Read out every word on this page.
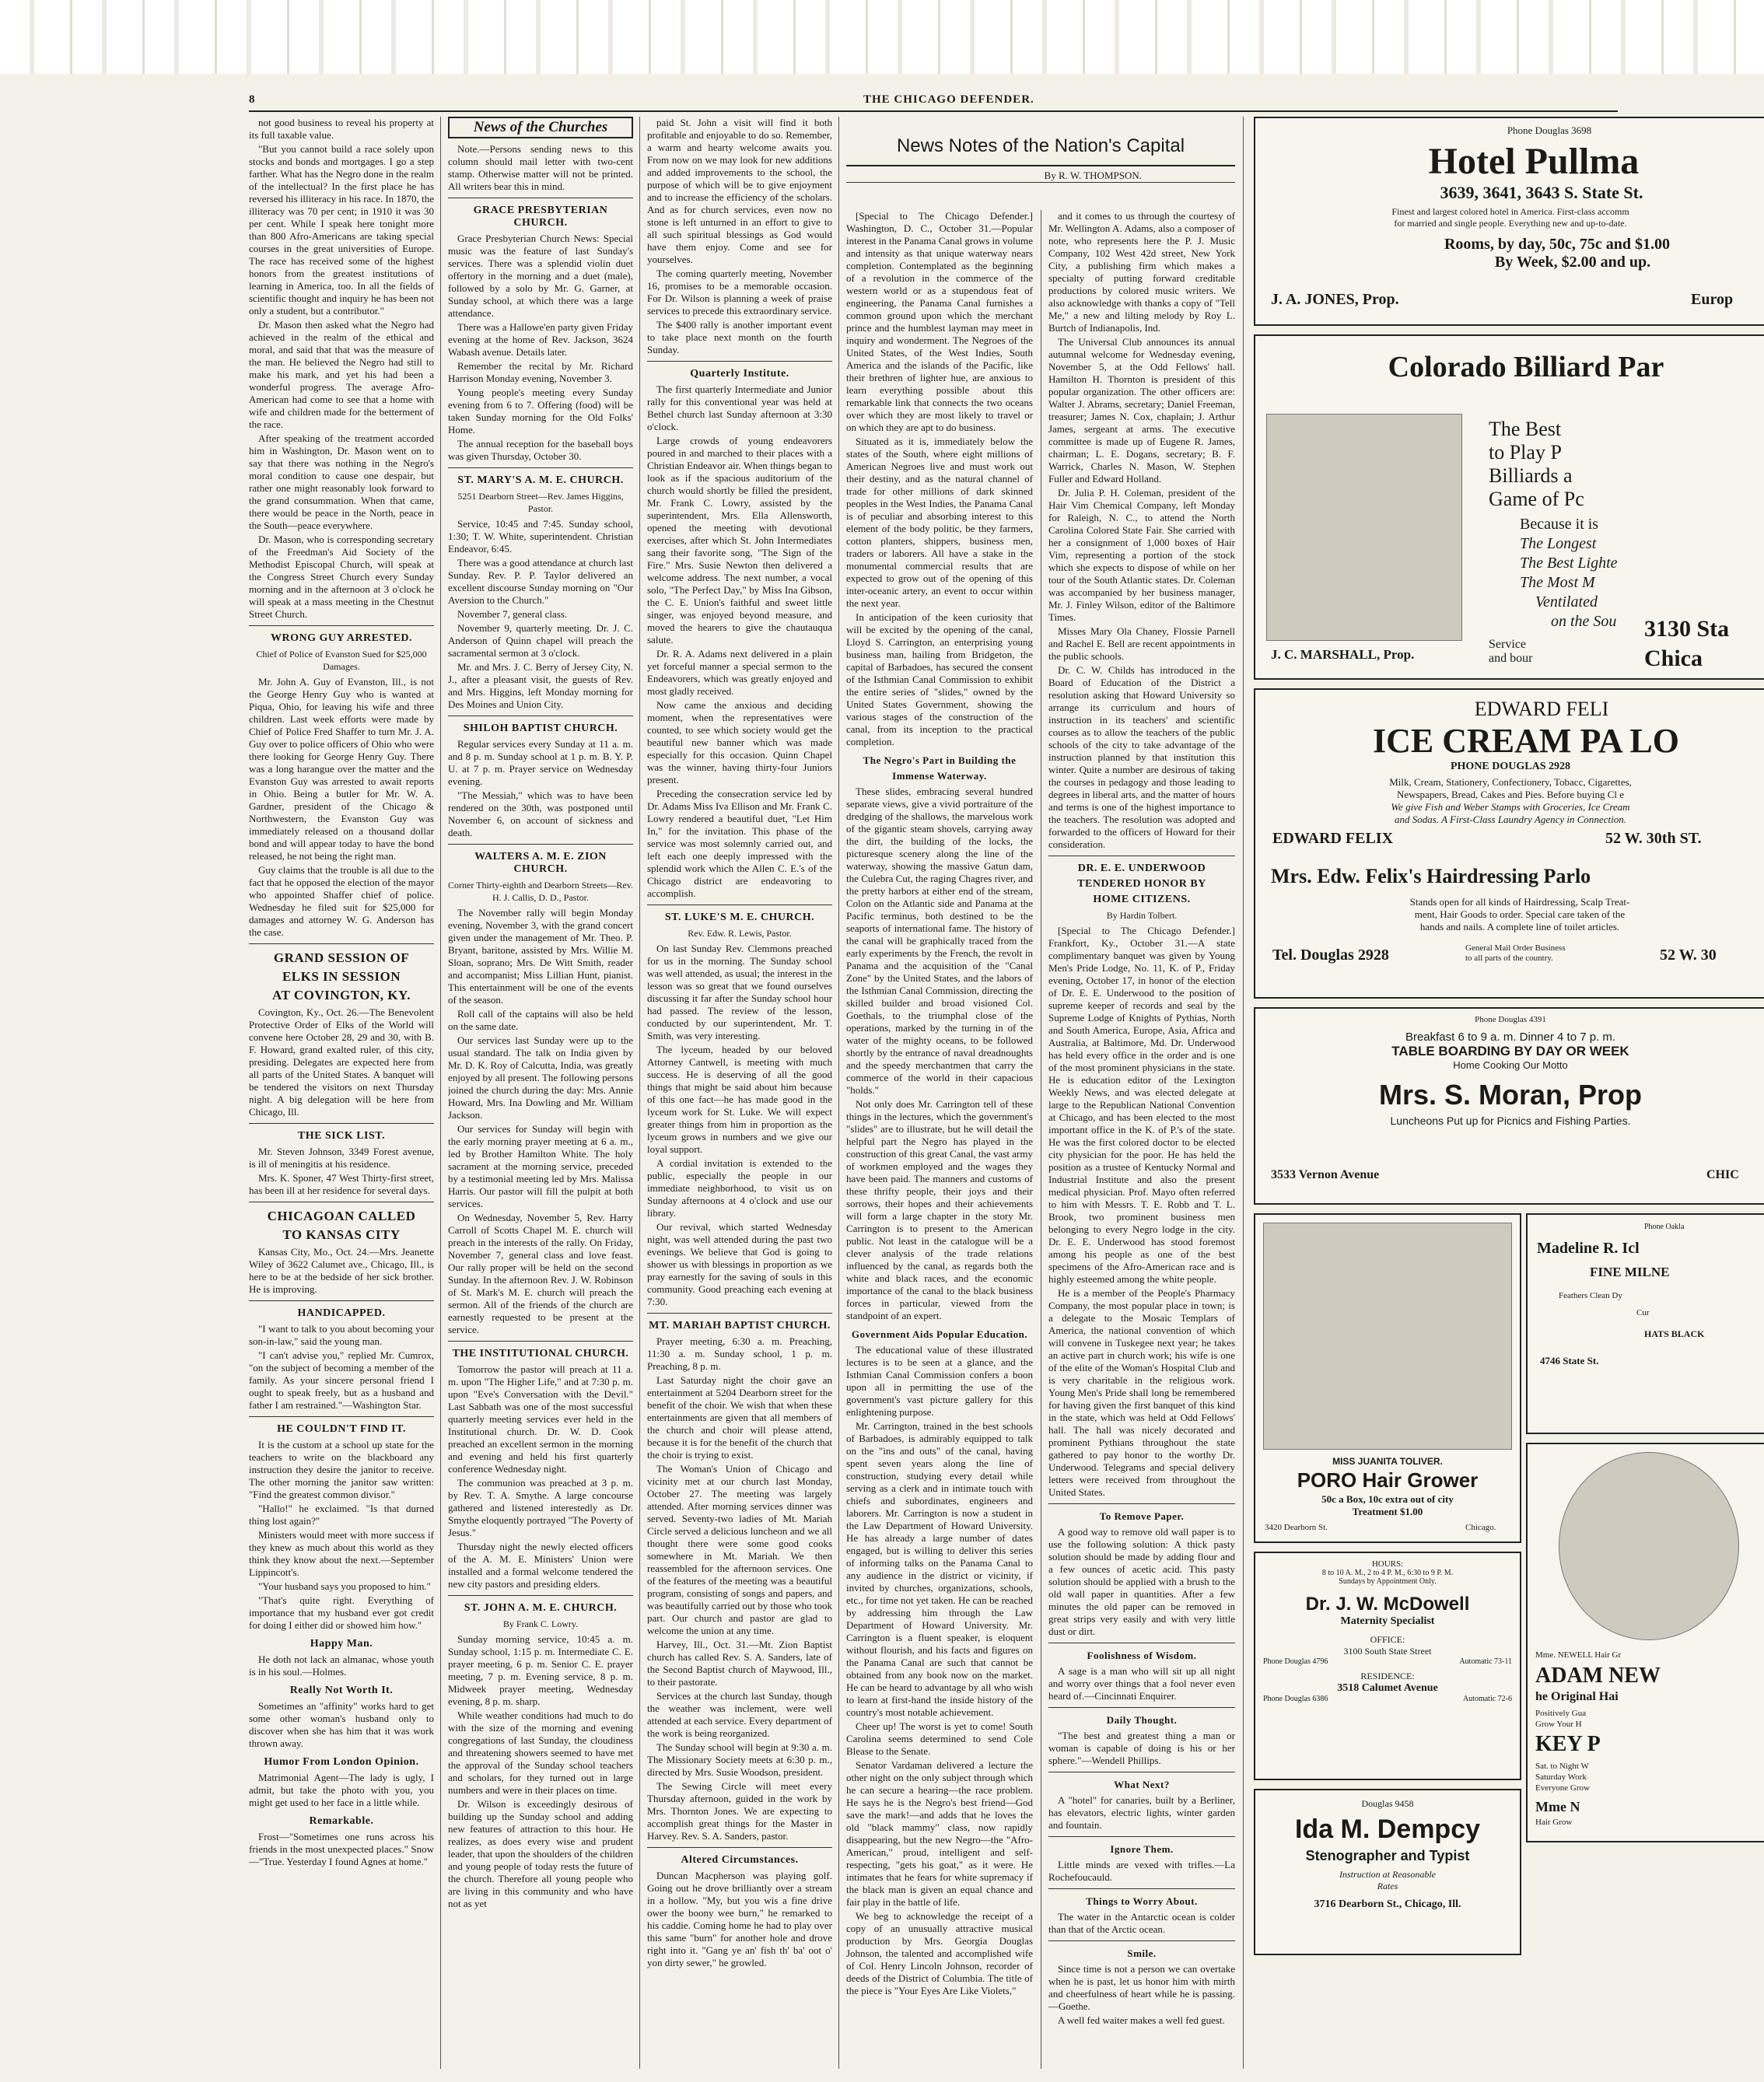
8	THE CHICAGO DEFENDER.

not good business to reveal his property at its full taxable value.

"But you cannot build a race solely upon stocks and bonds and mortgages. I go a step farther. What has the Negro done in the realm of the intellectual? In the first place he has reversed his illiteracy in his race. In 1870, the illiteracy was 70 per cent; in 1910 it was 30 per cent. While I speak here tonight more than 800 Afro-Americans are taking special courses in the great universities of Europe. The race has received some of the highest honors from the greatest institutions of learning in America, too. In all the fields of scientific thought and inquiry he has been not only a student, but a contributor."

Dr. Mason then asked what the Negro had achieved in the realm of the ethical and moral, and said that that was the measure of the man. He believed the Negro had still to make his mark, and yet his had been a wonderful progress. The average Afro-American had come to see that a home with wife and children made for the betterment of the race.

After speaking of the treatment accorded him in Washington, Dr. Mason went on to say that there was nothing in the Negro's moral condition to cause one despair, but rather one might reasonably look forward to the grand consummation. When that came, there would be peace in the North, peace in the South—peace everywhere.

Dr. Mason, who is corresponding secretary of the Freedman's Aid Society of the Methodist Episcopal Church, will speak at the Congress Street Church every Sunday morning and in the afternoon at 3 o'clock he will speak at a mass meeting in the Chestnut Street Church.

WRONG GUY ARRESTED.

Chief of Police of Evanston Sued for $25,000 Damages.

Mr. John A. Guy of Evanston, Ill., is not the George Henry Guy who is wanted at Piqua, Ohio, for leaving his wife and three children. Last week efforts were made by Chief of Police Fred Shaffer to turn Mr. J. A. Guy over to police officers of Ohio who were there looking for George Henry Guy. There was a long harangue over the matter and the Evanston Guy was arrested to await reports in Ohio. Being a butler for Mr. W. A. Gardner, president of the Chicago & Northwestern, the Evanston Guy was immediately released on a thousand dollar bond and will appear today to have the bond released, he not being the right man.

Guy claims that the trouble is all due to the fact that he opposed the election of the mayor who appointed Shaffer chief of police. Wednesday he filed suit for $25,000 for damages and attorney W. G. Anderson has the case.

GRAND SESSION OF

ELKS IN SESSION

AT COVINGTON, KY.

Covington, Ky., Oct. 26.—The Benevolent Protective Order of Elks of the World will convene here October 28, 29 and 30, with B. F. Howard, grand exalted ruler, of this city, presiding. Delegates are expected here from all parts of the United States. A banquet will be tendered the visitors on next Thursday night. A big delegation will be here from Chicago, Ill.

THE SICK LIST.

Mr. Steven Johnson, 3349 Forest avenue, is ill of meningitis at his residence.

Mrs. K. Sponer, 47 West Thirty-first street, has been ill at her residence for several days.

CHICAGOAN CALLED

TO KANSAS CITY

Kansas City, Mo., Oct. 24.—Mrs. Jeanette Wiley of 3622 Calumet ave., Chicago, Ill., is here to be at the bedside of her sick brother. He is improving.

HANDICAPPED.

"I want to talk to you about becoming your son-in-law," said the young man.

"I can't advise you," replied Mr. Cumrox, "on the subject of becoming a member of the family. As your sincere personal friend I ought to speak freely, but as a husband and father I am restrained."—Washington Star.

HE COULDN'T FIND IT.

It is the custom at a school up state for the teachers to write on the blackboard any instruction they desire the janitor to receive. The other morning the janitor saw written: "Find the greatest common divisor."

"Hallo!" he exclaimed. "Is that durned thing lost again?"

Ministers would meet with more success if they knew as much about this world as they think they know about the next.—September Lippincott's.

"Your husband says you proposed to him."

"That's quite right. Everything of importance that my husband ever got credit for doing I either did or showed him how."

Happy Man.

He doth not lack an almanac, whose youth is in his soul.—Holmes.

Really Not Worth It.

Sometimes an "affinity" works hard to get some other woman's husband only to discover when she has him that it was work thrown away.

Humor From London Opinion.

Matrimonial Agent—The lady is ugly, I admit, but take the photo with you, you might get used to her face in a little while.

Remarkable.

Frost—"Sometimes one runs across his friends in the most unexpected places." Snow—"True. Yesterday I found Agnes at home."

News of the Churches

Note.—Persons sending news to this column should mail letter with two-cent stamp. Otherwise matter will not be printed. All writers bear this in mind.

GRACE PRESBYTERIAN CHURCH.

Grace Presbyterian Church News: Special music was the feature of last Sunday's services. There was a splendid violin duet offertory in the morning and a duet (male), followed by a solo by Mr. G. Garner, at Sunday school, at which there was a large attendance.

There was a Hallowe'en party given Friday evening at the home of Rev. Jackson, 3624 Wabash avenue. Details later.

Remember the recital by Mr. Richard Harrison Monday evening, November 3.

Young people's meeting every Sunday evening from 6 to 7. Offering (food) will be taken Sunday morning for the Old Folks' Home.

The annual reception for the baseball boys was given Thursday, October 30.

ST. MARY'S A. M. E. CHURCH.

5251 Dearborn Street—Rev. James Higgins, Pastor.

Service, 10:45 and 7:45. Sunday school, 1:30; T. W. White, superintendent. Christian Endeavor, 6:45.

There was a good attendance at church last Sunday. Rev. P. P. Taylor delivered an excellent discourse Sunday morning on "Our Aversion to the Church."

November 7, general class.

November 9, quarterly meeting. Dr. J. C. Anderson of Quinn chapel will preach the sacramental sermon at 3 o'clock.

Mr. and Mrs. J. C. Berry of Jersey City, N. J., after a pleasant visit, the guests of Rev. and Mrs. Higgins, left Monday morning for Des Moines and Union City.

SHILOH BAPTIST CHURCH.

Regular services every Sunday at 11 a. m. and 8 p. m. Sunday school at 1 p. m. B. Y. P. U. at 7 p. m. Prayer service on Wednesday evening.

"The Messiah," which was to have been rendered on the 30th, was postponed until November 6, on account of sickness and death.

WALTERS A. M. E. ZION CHURCH.

Corner Thirty-eighth and Dearborn Streets—Rev. H. J. Callis, D. D., Pastor.

The November rally will begin Monday evening, November 3, with the grand concert given under the management of Mr. Theo. P. Bryant, baritone, assisted by Mrs. Willie M. Sloan, soprano; Mrs. De Witt Smith, reader and accompanist; Miss Lillian Hunt, pianist. This entertainment will be one of the events of the season.

Roll call of the captains will also be held on the same date.

Our services last Sunday were up to the usual standard. The talk on India given by Mr. D. K. Roy of Calcutta, India, was greatly enjoyed by all present. The following persons joined the church during the day: Mrs. Annie Howard, Mrs. Ina Dowling and Mr. William Jackson.

Our services for Sunday will begin with the early morning prayer meeting at 6 a. m., led by Brother Hamilton White. The holy sacrament at the morning service, preceded by a testimonial meeting led by Mrs. Malissa Harris. Our pastor will fill the pulpit at both services.

On Wednesday, November 5, Rev. Harry Carroll of Scotts Chapel M. E. church will preach in the interests of the rally. On Friday, November 7, general class and love feast. Our rally proper will be held on the second Sunday. In the afternoon Rev. J. W. Robinson of St. Mark's M. E. church will preach the sermon. All of the friends of the church are earnestly requested to be present at the service.

THE INSTITUTIONAL CHURCH.

Tomorrow the pastor will preach at 11 a. m. upon "The Higher Life," and at 7:30 p. m. upon "Eve's Conversation with the Devil." Last Sabbath was one of the most successful quarterly meeting services ever held in the Institutional church. Dr. W. D. Cook preached an excellent sermon in the morning and evening and held his first quarterly conference Wednesday night.

The communion was preached at 3 p. m. by Rev. T. A. Smythe. A large concourse gathered and listened interestedly as Dr. Smythe eloquently portrayed "The Poverty of Jesus."

Thursday night the newly elected officers of the A. M. E. Ministers' Union were installed and a formal welcome tendered the new city pastors and presiding elders.

ST. JOHN A. M. E. CHURCH.

By Frank C. Lowry.

Sunday morning service, 10:45 a. m. Sunday school, 1:15 p. m. Intermediate C. E. prayer meeting, 6 p. m. Senior C. E. prayer meeting, 7 p. m. Evening service, 8 p. m. Midweek prayer meeting, Wednesday evening, 8 p. m. sharp.

While weather conditions had much to do with the size of the morning and evening congregations of last Sunday, the cloudiness and threatening showers seemed to have met the approval of the Sunday school teachers and scholars, for they turned out in large numbers and were in their places on time.

Dr. Wilson is exceedingly desirous of building up the Sunday school and adding new features of attraction to this hour. He realizes, as does every wise and prudent leader, that upon the shoulders of the children and young people of today rests the future of the church. Therefore all young people who are living in this community and who have not as yet

paid St. John a visit will find it both profitable and enjoyable to do so. Remember, a warm and hearty welcome awaits you. From now on we may look for new additions and added improvements to the school, the purpose of which will be to give enjoyment and to increase the efficiency of the scholars. And as for church services, even now no stone is left unturned in an effort to give to all such spiritual blessings as God would have them enjoy. Come and see for yourselves.

The coming quarterly meeting, November 16, promises to be a memorable occasion. For Dr. Wilson is planning a week of praise services to precede this extraordinary service.

The $400 rally is another important event to take place next month on the fourth Sunday.

Quarterly Institute.

The first quarterly Intermediate and Junior rally for this conventional year was held at Bethel church last Sunday afternoon at 3:30 o'clock.

Large crowds of young endeavorers poured in and marched to their places with a Christian Endeavor air. When things began to look as if the spacious auditorium of the church would shortly be filled the president, Mr. Frank C. Lowry, assisted by the superintendent, Mrs. Ella Allensworth, opened the meeting with devotional exercises, after which St. John Intermediates sang their favorite song, "The Sign of the Fire." Mrs. Susie Newton then delivered a welcome address. The next number, a vocal solo, "The Perfect Day," by Miss Ina Gibson, the C. E. Union's faithful and sweet little singer, was enjoyed beyond measure, and moved the hearers to give the chautauqua salute.

Dr. R. A. Adams next delivered in a plain yet forceful manner a special sermon to the Endeavorers, which was greatly enjoyed and most gladly received.

Now came the anxious and deciding moment, when the representatives were counted, to see which society would get the beautiful new banner which was made especially for this occasion. Quinn Chapel was the winner, having thirty-four Juniors present.

Preceding the consecration service led by Dr. Adams Miss Iva Ellison and Mr. Frank C. Lowry rendered a beautiful duet, "Let Him In," for the invitation. This phase of the service was most solemnly carried out, and left each one deeply impressed with the splendid work which the Allen C. E.'s of the Chicago district are endeavoring to accomplish.

ST. LUKE'S M. E. CHURCH.

Rev. Edw. R. Lewis, Pastor.

On last Sunday Rev. Clemmons preached for us in the morning. The Sunday school was well attended, as usual; the interest in the lesson was so great that we found ourselves discussing it far after the Sunday school hour had passed. The review of the lesson, conducted by our superintendent, Mr. T. Smith, was very interesting.

The lyceum, headed by our beloved Attorney Cantwell, is meeting with much success. He is deserving of all the good things that might be said about him because of this one fact—he has made good in the lyceum work for St. Luke. We will expect greater things from him in proportion as the lyceum grows in numbers and we give our loyal support.

A cordial invitation is extended to the public, especially the people in our immediate neighborhood, to visit us on Sunday afternoons at 4 o'clock and use our library.

Our revival, which started Wednesday night, was well attended during the past two evenings. We believe that God is going to shower us with blessings in proportion as we pray earnestly for the saving of souls in this community. Good preaching each evening at 7:30.

MT. MARIAH BAPTIST CHURCH.

Prayer meeting, 6:30 a. m. Preaching, 11:30 a. m. Sunday school, 1 p. m. Preaching, 8 p. m.

Last Saturday night the choir gave an entertainment at 5204 Dearborn street for the benefit of the choir. We wish that when these entertainments are given that all members of the church and choir will please attend, because it is for the benefit of the church that the choir is trying to exist.

The Woman's Union of Chicago and vicinity met at our church last Monday, October 27. The meeting was largely attended. After morning services dinner was served. Seventy-two ladies of Mt. Mariah Circle served a delicious luncheon and we all thought there were some good cooks somewhere in Mt. Mariah. We then reassembled for the afternoon services. One of the features of the meeting was a beautiful program, consisting of songs and papers, and was beautifully carried out by those who took part. Our church and pastor are glad to welcome the union at any time.

Harvey, Ill., Oct. 31.—Mt. Zion Baptist church has called Rev. S. A. Sanders, late of the Second Baptist church of Maywood, Ill., to their pastorate.

Services at the church last Sunday, though the weather was inclement, were well attended at each service. Every department of the work is being reorganized.

The Sunday school will begin at 9:30 a. m. The Missionary Society meets at 6:30 p. m., directed by Mrs. Susie Woodson, president.

The Sewing Circle will meet every Thursday afternoon, guided in the work by Mrs. Thornton Jones. We are expecting to accomplish great things for the Master in Harvey. Rev. S. A. Sanders, pastor.

Altered Circumstances.

Duncan Macpherson was playing golf. Going out he drove brilliantly over a stream in a hollow. "My, but you wis a fine drive ower the boony wee burn," he remarked to his caddie. Coming home he had to play over this same "burn" for another hole and drove right into it. "Gang ye an' fish th' ba' oot o' yon dirty sewer," he growled.

News Notes of the Nation's Capital
By R. W. THOMPSON.

[Special to The Chicago Defender.] Washington, D. C., October 31.—Popular interest in the Panama Canal grows in volume and intensity as that unique waterway nears completion. Contemplated as the beginning of a revolution in the commerce of the western world or as a stupendous feat of engineering, the Panama Canal furnishes a common ground upon which the merchant prince and the humblest layman may meet in inquiry and wonderment. The Negroes of the United States, of the West Indies, South America and the islands of the Pacific, like their brethren of lighter hue, are anxious to learn everything possible about this remarkable link that connects the two oceans over which they are most likely to travel or on which they are apt to do business.

Situated as it is, immediately below the states of the South, where eight millions of American Negroes live and must work out their destiny, and as the natural channel of trade for other millions of dark skinned peoples in the West Indies, the Panama Canal is of peculiar and absorbing interest to this element of the body politic, be they farmers, cotton planters, shippers, business men, traders or laborers. All have a stake in the monumental commercial results that are expected to grow out of the opening of this inter-oceanic artery, an event to occur within the next year.

In anticipation of the keen curiosity that will be excited by the opening of the canal, Lloyd S. Carrington, an enterprising young business man, hailing from Bridgeton, the capital of Barbadoes, has secured the consent of the Isthmian Canal Commission to exhibit the entire series of "slides," owned by the United States Government, showing the various stages of the construction of the canal, from its inception to the practical completion.

The Negro's Part in Building the

Immense Waterway.

These slides, embracing several hundred separate views, give a vivid portraiture of the dredging of the shallows, the marvelous work of the gigantic steam shovels, carrying away the dirt, the building of the locks, the picturesque scenery along the line of the waterway, showing the massive Gatun dam, the Culebra Cut, the raging Chagres river, and the pretty harbors at either end of the stream, Colon on the Atlantic side and Panama at the Pacific terminus, both destined to be the seaports of international fame. The history of the canal will be graphically traced from the early experiments by the French, the revolt in Panama and the acquisition of the "Canal Zone" by the United States, and the labors of the Isthmian Canal Commission, directing the skilled builder and broad visioned Col. Goethals, to the triumphal close of the operations, marked by the turning in of the water of the mighty oceans, to be followed shortly by the entrance of naval dreadnoughts and the speedy merchantmen that carry the commerce of the world in their capacious "holds."

Not only does Mr. Carrington tell of these things in the lectures, which the government's "slides" are to illustrate, but he will detail the helpful part the Negro has played in the construction of this great Canal, the vast army of workmen employed and the wages they have been paid. The manners and customs of these thrifty people, their joys and their sorrows, their hopes and their achievements will form a large chapter in the story Mr. Carrington is to present to the American public. Not least in the catalogue will be a clever analysis of the trade relations influenced by the canal, as regards both the white and black races, and the economic importance of the canal to the black business forces in particular, viewed from the standpoint of an expert.

Government Aids Popular Education.

The educational value of these illustrated lectures is to be seen at a glance, and the Isthmian Canal Commission confers a boon upon all in permitting the use of the government's vast picture gallery for this enlightening purpose.

Mr. Carrington, trained in the best schools of Barbadoes, is admirably equipped to talk on the "ins and outs" of the canal, having spent seven years along the line of construction, studying every detail while serving as a clerk and in intimate touch with chiefs and subordinates, engineers and laborers. Mr. Carrington is now a student in the Law Department of Howard University. He has already a large number of dates engaged, but is willing to deliver this series of informing talks on the Panama Canal to any audience in the district or vicinity, if invited by churches, organizations, schools, etc., for time not yet taken. He can be reached by addressing him through the Law Department of Howard University. Mr. Carrington is a fluent speaker, is eloquent without flourish, and his facts and figures on the Panama Canal are such that cannot be obtained from any book now on the market. He can be heard to advantage by all who wish to learn at first-hand the inside history of the country's most notable achievement.

Cheer up! The worst is yet to come! South Carolina seems determined to send Cole Blease to the Senate.

Senator Vardaman delivered a lecture the other night on the only subject through which he can secure a hearing—the race problem. He says he is the Negro's best friend—God save the mark!—and adds that he loves the old "black mammy" class, now rapidly disappearing, but the new Negro—the "Afro-American," proud, intelligent and self-respecting, "gets his goat," as it were. He intimates that he fears for white supremacy if the black man is given an equal chance and fair play in the battle of life.

We beg to acknowledge the receipt of a copy of an unusually attractive musical production by Mrs. Georgia Douglas Johnson, the talented and accomplished wife of Col. Henry Lincoln Johnson, recorder of deeds of the District of Columbia. The title of the piece is "Your Eyes Are Like Violets,"

and it comes to us through the courtesy of Mr. Wellington A. Adams, also a composer of note, who represents here the P. J. Music Company, 102 West 42d street, New York City, a publishing firm which makes a specialty of putting forward creditable productions by colored music writers. We also acknowledge with thanks a copy of "Tell Me," a new and lilting melody by Roy L. Burtch of Indianapolis, Ind.

The Universal Club announces its annual autumnal welcome for Wednesday evening, November 5, at the Odd Fellows' hall. Hamilton H. Thornton is president of this popular organization. The other officers are: Walter J. Abrams, secretary; Daniel Freeman, treasurer; James N. Cox, chaplain; J. Arthur James, sergeant at arms. The executive committee is made up of Eugene R. James, chairman; L. E. Dogans, secretary; B. F. Warrick, Charles N. Mason, W. Stephen Fuller and Edward Holland.

Dr. Julia P. H. Coleman, president of the Hair Vim Chemical Company, left Monday for Raleigh, N. C., to attend the North Carolina Colored State Fair. She carried with her a consignment of 1,000 boxes of Hair Vim, representing a portion of the stock which she expects to dispose of while on her tour of the South Atlantic states. Dr. Coleman was accompanied by her business manager, Mr. J. Finley Wilson, editor of the Baltimore Times.

Misses Mary Ola Chaney, Flossie Parnell and Rachel E. Bell are recent appointments in the public schools.

Dr. C. W. Childs has introduced in the Board of Education of the District a resolution asking that Howard University so arrange its curriculum and hours of instruction in its teachers' and scientific courses as to allow the teachers of the public schools of the city to take advantage of the instruction planned by that institution this winter. Quite a number are desirous of taking the courses in pedagogy and those leading to degrees in liberal arts, and the matter of hours and terms is one of the highest importance to the teachers. The resolution was adopted and forwarded to the officers of Howard for their consideration.

DR. E. E. UNDERWOOD

TENDERED HONOR BY

HOME CITIZENS.

By Hardin Tolbert.

[Special to The Chicago Defender.] Frankfort, Ky., October 31.—A state complimentary banquet was given by Young Men's Pride Lodge, No. 11, K. of P., Friday evening, October 17, in honor of the election of Dr. E. E. Underwood to the position of supreme keeper of records and seal by the Supreme Lodge of Knights of Pythias, North and South America, Europe, Asia, Africa and Australia, at Baltimore, Md. Dr. Underwood has held every office in the order and is one of the most prominent physicians in the state. He is education editor of the Lexington Weekly News, and was elected delegate at large to the Republican National Convention at Chicago, and has been elected to the most important office in the K. of P.'s of the state. He was the first colored doctor to be elected city physician for the poor. He has held the position as a trustee of Kentucky Normal and Industrial Institute and also the present medical physician. Prof. Mayo often referred to him with Messrs. T. E. Robb and T. L. Brook, two prominent business men belonging to every Negro lodge in the city. Dr. E. E. Underwood has stood foremost among his people as one of the best specimens of the Afro-American race and is highly esteemed among the white people.

He is a member of the People's Pharmacy Company, the most popular place in town; is a delegate to the Mosaic Templars of America, the national convention of which will convene in Tuskegee next year; he takes an active part in church work; his wife is one of the elite of the Woman's Hospital Club and is very charitable in the religious work. Young Men's Pride shall long be remembered for having given the first banquet of this kind in the state, which was held at Odd Fellows' hall. The hall was nicely decorated and prominent Pythians throughout the state gathered to pay honor to the worthy Dr. Underwood. Telegrams and special delivery letters were received from throughout the United States.

To Remove Paper.

A good way to remove old wall paper is to use the following solution: A thick pasty solution should be made by adding flour and a few ounces of acetic acid. This pasty solution should be applied with a brush to the old wall paper in quantities. After a few minutes the old paper can be removed in great strips very easily and with very little dust or dirt.

Foolishness of Wisdom.

A sage is a man who will sit up all night and worry over things that a fool never even heard of.—Cincinnati Enquirer.

Daily Thought.

"The best and greatest thing a man or woman is capable of doing is his or her sphere."—Wendell Phillips.

What Next?

A "hotel" for canaries, built by a Berliner, has elevators, electric lights, winter garden and fountain.

Ignore Them.

Little minds are vexed with trifles.—La Rochefoucauld.

Things to Worry About.

The water in the Antarctic ocean is colder than that of the Arctic ocean.

Smile.

Since time is not a person we can overtake when he is past, let us honor him with mirth and cheerfulness of heart while he is passing.—Goethe.

A well fed waiter makes a well fed guest.

Phone Douglas 3698
Hotel Pullma
3639, 3641, 3643 S. State St.
Finest and largest colored hotel in America. First-class accomm
for married and single people. Everything new and up-to-date.
Rooms, by day, 50c, 75c and $1.00
By Week, $2.00 and up.
J. A. JONES, Prop.	Europ
Colorado Billiard Par
The Best
to Play P
Billiards a
Game of Pc
Because it is
The Longest
The Best Lighte
The Most M
Ventilated
on the Sou
Service
and bour
3130 Sta
Chica
J. C. MARSHALL, Prop.
EDWARD FELI
ICE CREAM PA LO
PHONE DOUGLAS 2928
Milk, Cream, Stationery, Confectionery, Tobacc, Cigarettes,
Newspapers, Bread, Cakes and Pies. Before buying Cl e
We give Fish and Weber Stamps with Groceries, Ice Cream
and Sodas. A First-Class Laundry Agency in Connection.
EDWARD FELIX	52 W. 30th ST.
Mrs. Edw. Felix's Hairdressing Parlo
Stands open for all kinds of Hairdressing, Scalp Treat-
ment, Hair Goods to order. Special care taken of the
hands and nails. A complete line of toilet articles.
Tel. Douglas 2928	General Mail Order Business
to all parts of the country.	52 W. 30
Phone Douglas 4391
Breakfast 6 to 9 a. m. Dinner 4 to 7 p. m.
TABLE BOARDING BY DAY OR WEEK
Home Cooking Our Motto
Mrs. S. Moran, Prop
Luncheons Put up for Picnics and Fishing Parties.
3533 Vernon Avenue	CHIC
MISS JUANITA TOLIVER.
PORO Hair Grower
50c a Box, 10c extra out of city
Treatment $1.00
3420 Dearborn St.	Chicago.
Phone Oakla
Madeline R. Icl
FINE MILNE
Feathers Clean Dy
Cur
HATS BLACK
4746 State St.
HOURS:
8 to 10 A. M., 2 to 4 P. M., 6:30 to 9 P. M.
Sundays by Appointment Only.
Dr. J. W. McDowell
Maternity Specialist
OFFICE:
3100 South State Street
Phone Douglas 4796	Automatic 73-11
RESIDENCE:
3518 Calumet Avenue
Phone Douglas 6386	Automatic 72-6
Mme. NEWELL Hair Gr
ADAM NEW
he Original Hai
Positively Gua
Grow Your H
KEY P
Sat. to Night W
Saturday Work
Everyone Grow
Mme N
Hair Grow
Douglas 9458
Ida M. Dempcy
Stenographer and Typist
Instruction at Reasonable
Rates
3716 Dearborn St., Chicago, Ill.
